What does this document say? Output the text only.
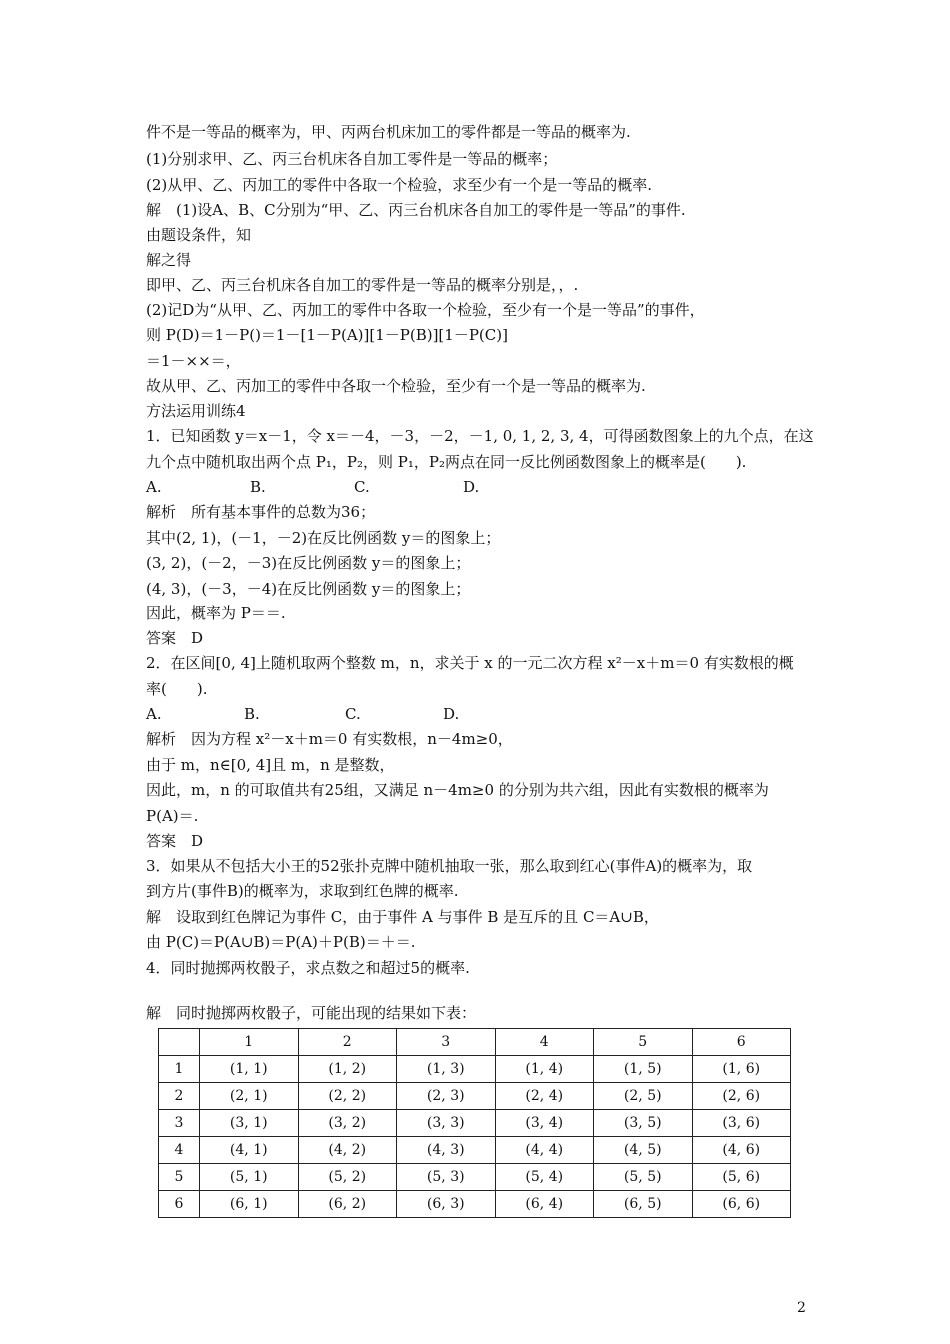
件不是一等品的概率为，甲、丙两台机床加工的零件都是一等品的概率为.
(1)分别求甲、乙、丙三台机床各自加工零件是一等品的概率；
(2)从甲、乙、丙加工的零件中各取一个检验，求至少有一个是一等品的概率.
解　(1)设A、B、C分别为“甲、乙、丙三台机床各自加工的零件是一等品”的事件.
由题设条件，知
解之得
即甲、乙、丙三台机床各自加工的零件是一等品的概率分别是，，.
(2)记D为“从甲、乙、丙加工的零件中各取一个检验，至少有一个是一等品”的事件，
则 P(D)＝1－P()＝1－[1－P(A)][1－P(B)][1－P(C)]
＝1－××＝，
故从甲、乙、丙加工的零件中各取一个检验，至少有一个是一等品的概率为.
方法运用训练4
1．已知函数 y＝x－1，令 x＝－4，－3，－2，－1, 0, 1, 2, 3, 4，可得函数图象上的九个点，在这
九个点中随机取出两个点 P₁，P₂，则 P₁，P₂两点在同一反比例函数图象上的概率是(　　).
A.	B.	C.	D.
解析　所有基本事件的总数为36；
其中(2, 1)，(－1，－2)在反比例函数 y＝的图象上；
(3, 2)，(－2，－3)在反比例函数 y＝的图象上；
(4, 3)，(－3，－4)在反比例函数 y＝的图象上；
因此，概率为 P＝＝.
答案　D
2．在区间[0, 4]上随机取两个整数 m，n，求关于 x 的一元二次方程 x²－x＋m＝0 有实数根的概
率(　　).
A.	B.	C.	D.
解析　因为方程 x²－x＋m＝0 有实数根，n－4m≥0，
由于 m，n∈[0, 4]且 m，n 是整数，
因此，m，n 的可取值共有25组，又满足 n－4m≥0 的分别为共六组，因此有实数根的概率为
P(A)＝.
答案　D
3．如果从不包括大小王的52张扑克牌中随机抽取一张，那么取到红心(事件A)的概率为，取
到方片(事件B)的概率为，求取到红色牌的概率.
解　设取到红色牌记为事件 C，由于事件 A 与事件 B 是互斥的且 C＝A∪B，
由 P(C)＝P(A∪B)＝P(A)＋P(B)＝＋＝.
4．同时抛掷两枚骰子，求点数之和超过5的概率.
解　同时抛掷两枚骰子，可能出现的结果如下表：
	1	2	3	4	5	6
1	(1, 1)	(1, 2)	(1, 3)	(1, 4)	(1, 5)	(1, 6)
2	(2, 1)	(2, 2)	(2, 3)	(2, 4)	(2, 5)	(2, 6)
3	(3, 1)	(3, 2)	(3, 3)	(3, 4)	(3, 5)	(3, 6)
4	(4, 1)	(4, 2)	(4, 3)	(4, 4)	(4, 5)	(4, 6)
5	(5, 1)	(5, 2)	(5, 3)	(5, 4)	(5, 5)	(5, 6)
6	(6, 1)	(6, 2)	(6, 3)	(6, 4)	(6, 5)	(6, 6)
2
